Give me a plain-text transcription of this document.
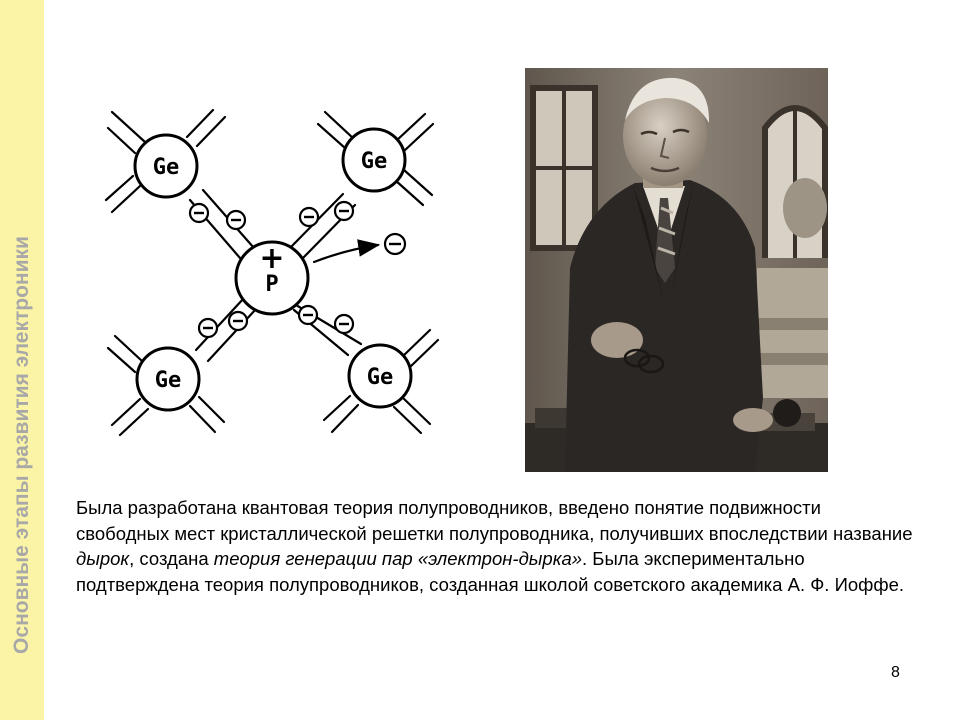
Основные этапы развития электроники
Ge	Ge
Ge	Ge
+
P

Была разработана квантовая теория полупроводников, введено понятие подвижности свободных мест кристаллической решетки полупроводника, получивших впоследствии название дырок, создана теория генерации пар «электрон-дырка». Была экспериментально подтверждена теория полупроводников, созданная школой советского академика А. Ф. Иоффе.

8
